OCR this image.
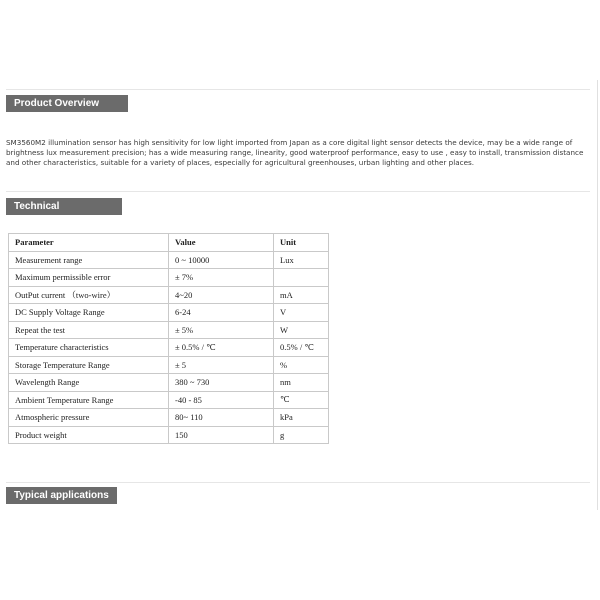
Product Overview
SM3560M2 illumination sensor has high sensitivity for low light imported from Japan as a core digital light sensor detects the device, may be a wide range of brightness lux measurement precision; has a wide measuring range, linearity, good waterproof performance, easy to use , easy to install, transmission distance and other characteristics, suitable for a variety of places, especially for agricultural greenhouses, urban lighting and other places.
Technical Parameters
Parameter	Value	Unit
Measurement range	0 ~ 10000	Lux
Maximum permissible error	± 7%	
OutPut current （two-wire）	4~20	mA
DC Supply Voltage Range	6-24	V
Repeat the test	± 5%	W
Temperature characteristics	± 0.5% / ℃	0.5% / ℃
Storage Temperature Range	± 5	%
Wavelength Range	380 ~ 730	nm
Ambient Temperature Range	-40 - 85	℃
Atmospheric pressure	80~ 110	kPa
Product weight	150	g
Typical applications
